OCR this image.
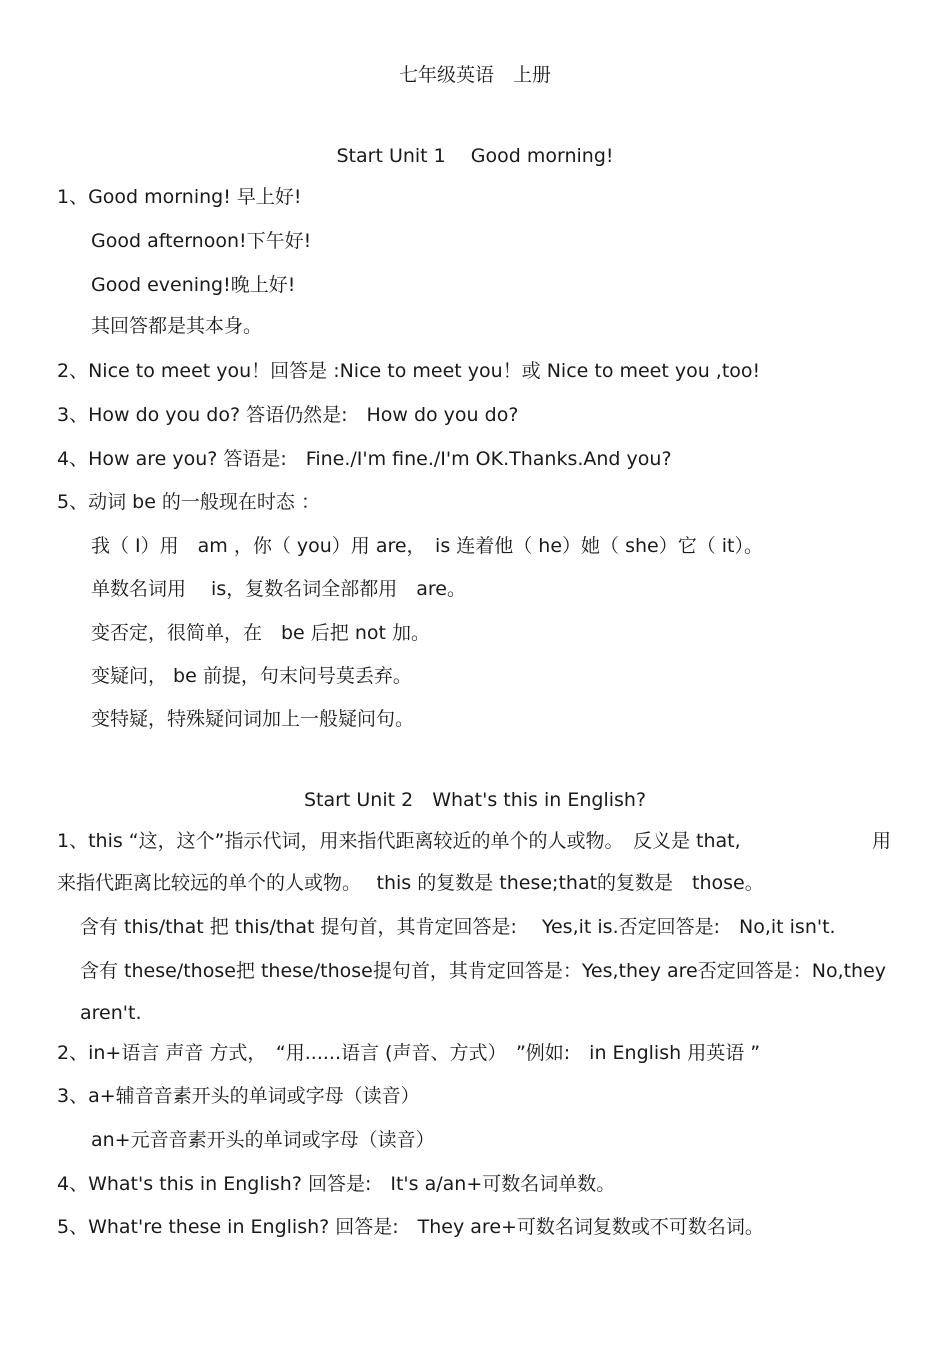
七年级英语　上册
Start Unit 1　 Good morning!
1、Good morning! 早上好!
Good afternoon!下午好!
Good evening!晚上好!
其回答都是其本身。
2、Nice to meet you！回答是 :Nice to meet you！或 Nice to meet you ,too!
3、How do you do? 答语仍然是:　How do you do?
4、How are you? 答语是:　Fine./I'm fine./I'm OK.Thanks.And you?
5、动词 be 的一般现在时态 ：
我（ I）用　am ，你（ you）用 are，　is 连着他（ he）她（ she）它（ it）。
单数名词用　 is，复数名词全部都用　are。
变否定，很简单，在　be 后把 not 加。
变疑问， be 前提，句末问号莫丢弃。
变特疑，特殊疑问词加上一般疑问句。
Start Unit 2　What's this in English?
1、this “这，这个”指示代词，用来指代距离较近的单个的人或物。　反义是 that,	用
来指代距离比较远的单个的人或物。　 this 的复数是 these;that的复数是　those。
含有 this/that 把 this/that 提句首，其肯定回答是:　 Yes,it is.否定回答是:　No,it isn't.
含有 these/those把 these/those提句首，其肯定回答是：Yes,they are否定回答是：No,they
aren't.
2、in+语言 声音 方式，　“用......语言 (声音、方式）　”例如:　in English 用英语 ”
3、a+辅音音素开头的单词或字母（读音）
an+元音音素开头的单词或字母（读音）
4、What's this in English? 回答是:　It's a/an+可数名词单数。
5、What're these in English? 回答是:　They are+可数名词复数或不可数名词。
